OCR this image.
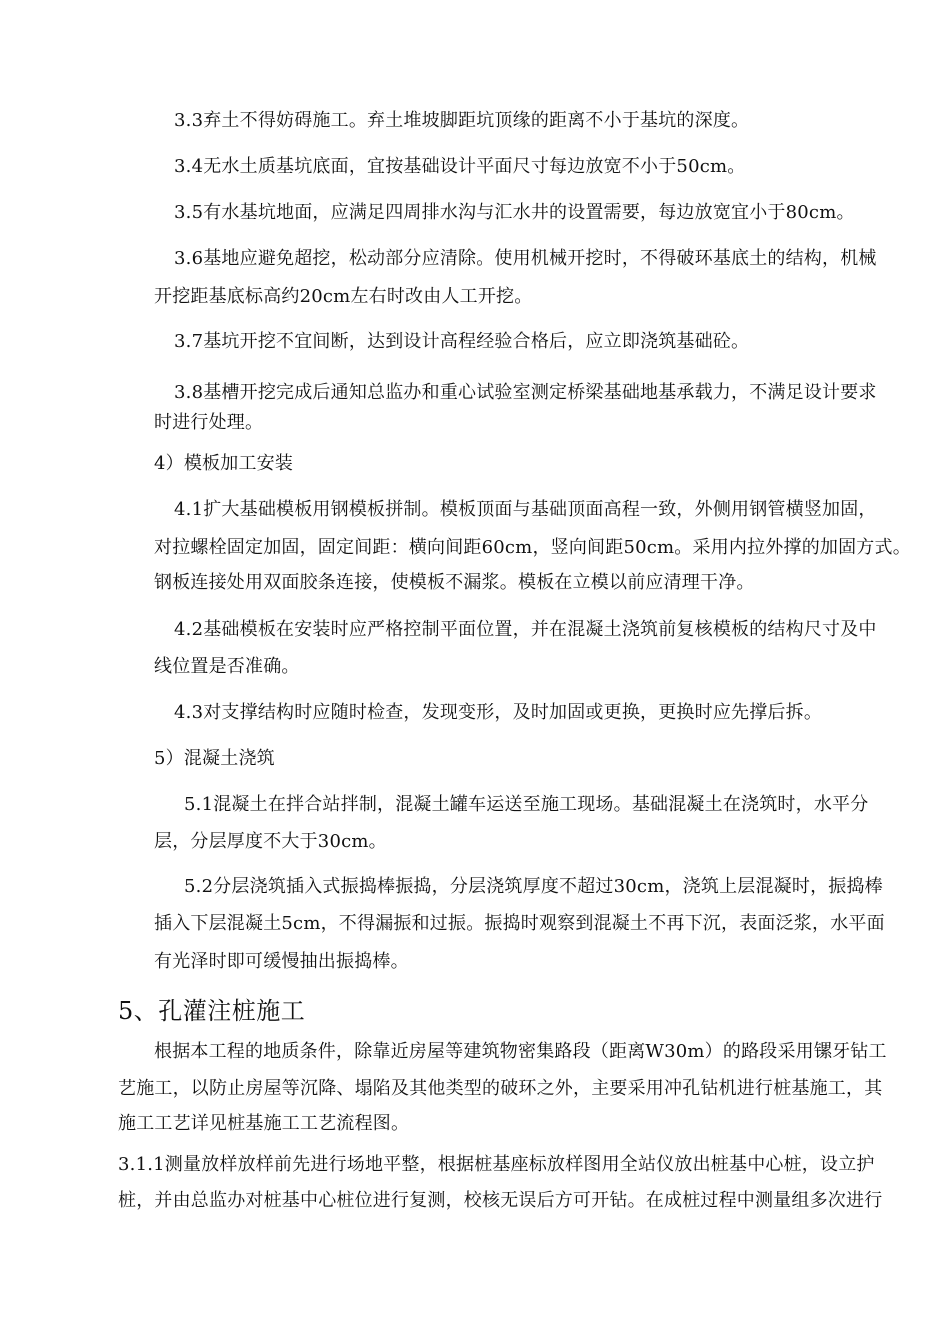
3.3弃土不得妨碍施工。弃土堆坡脚距坑顶缘的距离不小于基坑的深度。
3.4无水土质基坑底面，宜按基础设计平面尺寸每边放宽不小于50cm。
3.5有水基坑地面，应满足四周排水沟与汇水井的设置需要，每边放宽宜小于80cm。
3.6基地应避免超挖，松动部分应清除。使用机械开挖时，不得破环基底土的结构，机械
开挖距基底标高约20cm左右时改由人工开挖。
3.7基坑开挖不宜间断，达到设计高程经验合格后，应立即浇筑基础砼。
3.8基槽开挖完成后通知总监办和重心试验室测定桥梁基础地基承载力，不满足设计要求
时进行处理。
4）模板加工安装
4.1扩大基础模板用钢模板拼制。模板顶面与基础顶面高程一致，外侧用钢管横竖加固，
对拉螺栓固定加固，固定间距：横向间距60cm，竖向间距50cm。采用内拉外撑的加固方式。
钢板连接处用双面胶条连接，使模板不漏浆。模板在立模以前应清理干净。
4.2基础模板在安装时应严格控制平面位置，并在混凝土浇筑前复核模板的结构尺寸及中
线位置是否准确。
4.3对支撑结构时应随时检查，发现变形，及时加固或更换，更换时应先撑后拆。
5）混凝土浇筑
5.1混凝土在拌合站拌制，混凝土罐车运送至施工现场。基础混凝土在浇筑时，水平分
层，分层厚度不大于30cm。
5.2分层浇筑插入式振捣棒振捣，分层浇筑厚度不超过30cm，浇筑上层混凝时，振捣棒
插入下层混凝土5cm，不得漏振和过振。振捣时观察到混凝土不再下沉，表面泛浆，水平面
有光泽时即可缓慢抽出振捣棒。
5、孔灌注桩施工
根据本工程的地质条件，除靠近房屋等建筑物密集路段（距离W30m）的路段采用镙牙钻工
艺施工，以防止房屋等沉降、塌陷及其他类型的破环之外，主要采用冲孔钻机进行桩基施工，其
施工工艺详见桩基施工工艺流程图。
3.1.1测量放样放样前先进行场地平整，根据桩基座标放样图用全站仪放出桩基中心桩，设立护
桩，并由总监办对桩基中心桩位进行复测，校核无误后方可开钻。在成桩过程中测量组多次进行
